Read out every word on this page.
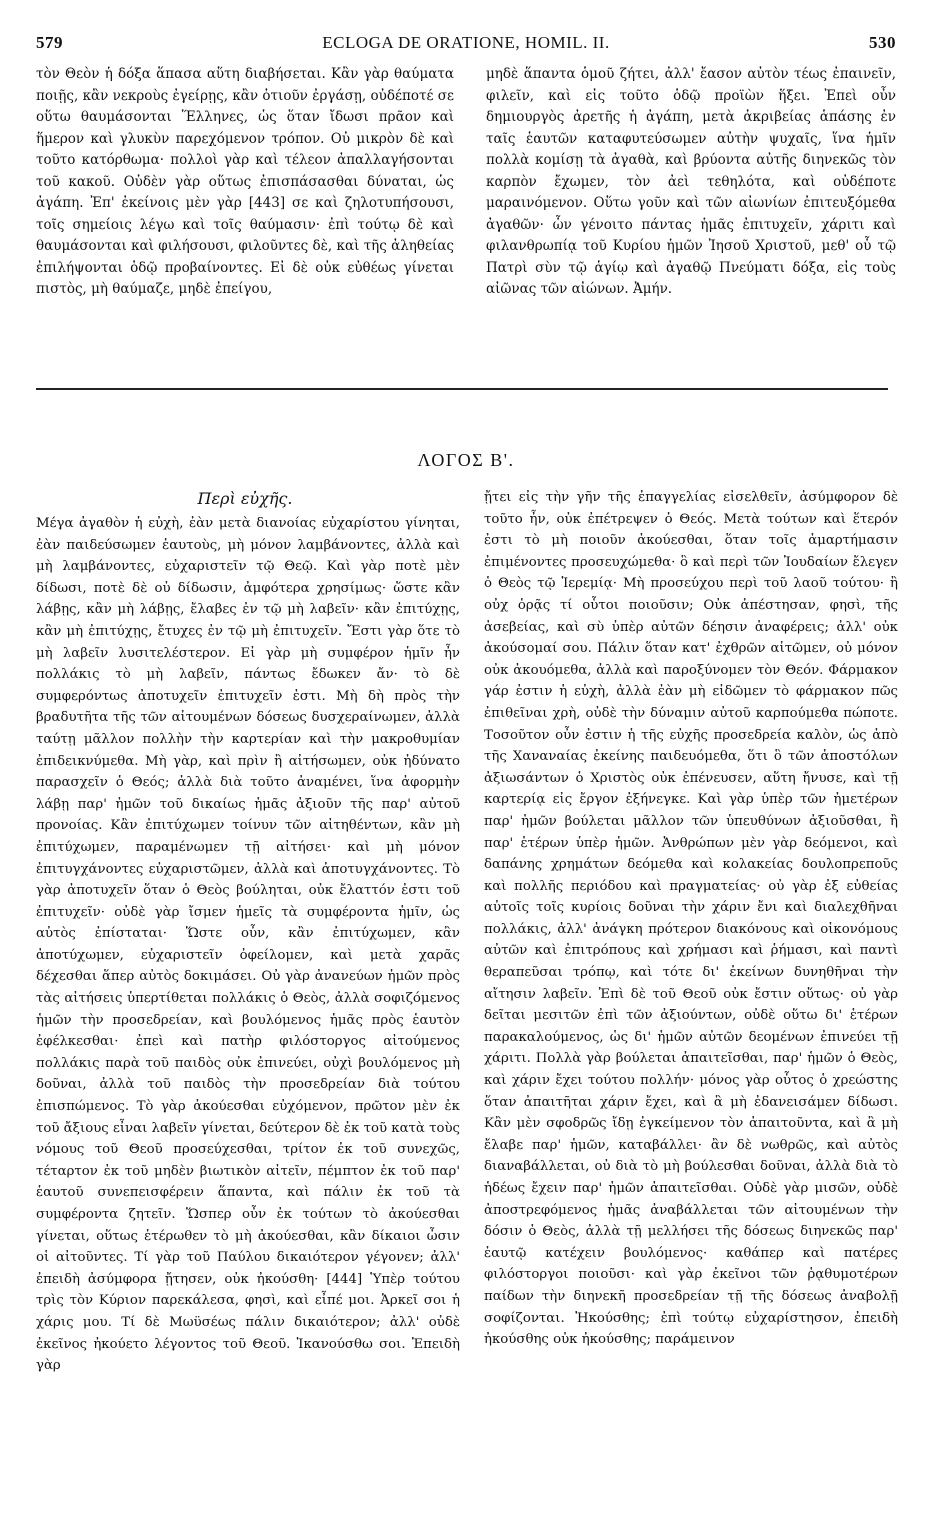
579	ECLOGA DE ORATIONE, HOMIL. II.	530

τὸν Θεὸν ἡ δόξα ἅπασα αὕτη διαβήσεται. Κἂν γὰρ θαύματα ποιῇς, κἂν νεκροὺς ἐγείρῃς, κἂν ὁτιοῦν ἐργάσῃ, οὐδέποτέ σε οὕτω θαυμάσονται Ἕλληνες, ὡς ὅταν ἴδωσι πρᾶον καὶ ἥμερον καὶ γλυκὺν παρεχόμενον τρόπον. Οὐ μικρὸν δὲ καὶ τοῦτο κατόρθωμα· πολλοὶ γὰρ καὶ τέλεον ἀπαλλαγήσονται τοῦ κακοῦ. Οὐδὲν γὰρ οὕτως ἐπισπάσασθαι δύναται, ὡς ἀγάπη. Ἐπ' ἐκείνοις μὲν γὰρ [443] σε καὶ ζηλοτυπήσουσι, τοῖς σημείοις λέγω καὶ τοῖς θαύμασιν· ἐπὶ τούτῳ δὲ καὶ θαυμάσονται καὶ φιλήσουσι, φιλοῦντες δὲ, καὶ τῆς ἀληθείας ἐπιλήψονται ὁδῷ προβαίνοντες. Εἰ δὲ οὐκ εὐθέως γίνεται πιστὸς, μὴ θαύμαζε, μηδὲ ἐπείγου,

μηδὲ ἅπαντα ὁμοῦ ζήτει, ἀλλ' ἔασον αὐτὸν τέως ἐπαινεῖν, φιλεῖν, καὶ εἰς τοῦτο ὁδῷ προϊὼν ἥξει. Ἐπεὶ οὖν δημιουργὸς ἀρετῆς ἡ ἀγάπη, μετὰ ἀκριβείας ἁπάσης ἐν ταῖς ἑαυτῶν καταφυτεύσωμεν αὐτὴν ψυχαῖς, ἵνα ἡμῖν πολλὰ κομίσῃ τὰ ἀγαθὰ, καὶ βρύοντα αὐτῆς διηνεκῶς τὸν καρπὸν ἔχωμεν, τὸν ἀεὶ τεθηλότα, καὶ οὐδέποτε μαραινόμενον. Οὕτω γοῦν καὶ τῶν αἰωνίων ἐπιτευξόμεθα ἀγαθῶν· ὧν γένοιτο πάντας ἡμᾶς ἐπιτυχεῖν, χάριτι καὶ φιλανθρωπίᾳ τοῦ Κυρίου ἡμῶν Ἰησοῦ Χριστοῦ, μεθ' οὗ τῷ Πατρὶ σὺν τῷ ἁγίῳ καὶ ἀγαθῷ Πνεύματι δόξα, εἰς τοὺς αἰῶνας τῶν αἰώνων. Ἀμήν.

ΛΟΓΟΣ Β'.
Περὶ εὐχῆς.

Μέγα ἀγαθὸν ἡ εὐχὴ, ἐὰν μετὰ διανοίας εὐχαρίστου γίνηται, ἐὰν παιδεύσωμεν ἑαυτοὺς, μὴ μόνον λαμβάνοντες, ἀλλὰ καὶ μὴ λαμβάνοντες, εὐχαριστεῖν τῷ Θεῷ. Καὶ γὰρ ποτὲ μὲν δίδωσι, ποτὲ δὲ οὐ δίδωσιν, ἀμφότερα χρησίμως· ὥστε κἂν λάβῃς, κἂν μὴ λάβῃς, ἔλαβες ἐν τῷ μὴ λαβεῖν· κἂν ἐπιτύχῃς, κἂν μὴ ἐπιτύχῃς, ἔτυχες ἐν τῷ μὴ ἐπιτυχεῖν. Ἔστι γὰρ ὅτε τὸ μὴ λαβεῖν λυσιτελέστερον. Εἰ γὰρ μὴ συμφέρον ἡμῖν ἦν πολλάκις τὸ μὴ λαβεῖν, πάντως ἔδωκεν ἄν· τὸ δὲ συμφερόντως ἀποτυχεῖν ἐπιτυχεῖν ἐστι. Μὴ δὴ πρὸς τὴν βραδυτῆτα τῆς τῶν αἰτουμένων δόσεως δυσχεραίνωμεν, ἀλλὰ ταύτῃ μᾶλλον πολλὴν τὴν καρτερίαν καὶ τὴν μακροθυμίαν ἐπιδεικνύμεθα. Μὴ γὰρ, καὶ πρὶν ἢ αἰτήσωμεν, οὐκ ἠδύνατο παρασχεῖν ὁ Θεός; ἀλλὰ διὰ τοῦτο ἀναμένει, ἵνα ἀφορμὴν λάβῃ παρ' ἡμῶν τοῦ δικαίως ἡμᾶς ἀξιοῦν τῆς παρ' αὐτοῦ προνοίας. Κἂν ἐπιτύχωμεν τοίνυν τῶν αἰτηθέντων, κἂν μὴ ἐπιτύχωμεν, παραμένωμεν τῇ αἰτήσει· καὶ μὴ μόνον ἐπιτυγχάνοντες εὐχαριστῶμεν, ἀλλὰ καὶ ἀποτυγχάνοντες. Τὸ γὰρ ἀποτυχεῖν ὅταν ὁ Θεὸς βούληται, οὐκ ἔλαττόν ἐστι τοῦ ἐπιτυχεῖν· οὐδὲ γὰρ ἴσμεν ἡμεῖς τὰ συμφέροντα ἡμῖν, ὡς αὐτὸς ἐπίσταται· Ὥστε οὖν, κἂν ἐπιτύχωμεν, κἂν ἀποτύχωμεν, εὐχαριστεῖν ὀφείλομεν, καὶ μετὰ χαρᾶς δέχεσθαι ἅπερ αὐτὸς δοκιμάσει. Οὐ γὰρ ἀνανεύων ἡμῶν πρὸς τὰς αἰτήσεις ὑπερτίθεται πολλάκις ὁ Θεὸς, ἀλλὰ σοφιζόμενος ἡμῶν τὴν προσεδρείαν, καὶ βουλόμενος ἡμᾶς πρὸς ἑαυτὸν ἐφέλκεσθαι· ἐπεὶ καὶ πατὴρ φιλόστοργος αἰτούμενος πολλάκις παρὰ τοῦ παιδὸς οὐκ ἐπινεύει, οὐχὶ βουλόμενος μὴ δοῦναι, ἀλλὰ τοῦ παιδὸς τὴν προσεδρείαν διὰ τούτου ἐπισπώμενος. Τὸ γὰρ ἀκούεσθαι εὐχόμενον, πρῶτον μὲν ἐκ τοῦ ἄξιους εἶναι λαβεῖν γίνεται, δεύτερον δὲ ἐκ τοῦ κατὰ τοὺς νόμους τοῦ Θεοῦ προσεύχεσθαι, τρίτον ἐκ τοῦ συνεχῶς, τέταρτον ἐκ τοῦ μηδὲν βιωτικὸν αἰτεῖν, πέμπτον ἐκ τοῦ παρ' ἑαυτοῦ συνεπεισφέρειν ἅπαντα, καὶ πάλιν ἐκ τοῦ τὰ συμφέροντα ζητεῖν. Ὥσπερ οὖν ἐκ τούτων τὸ ἀκούεσθαι γίνεται, οὕτως ἑτέρωθεν τὸ μὴ ἀκούεσθαι, κἂν δίκαιοι ὦσιν οἱ αἰτοῦντες. Τί γὰρ τοῦ Παύλου δικαιότερον γέγονεν; ἀλλ' ἐπειδὴ ἀσύμφορα ᾔτησεν, οὐκ ἠκούσθη· [444] Ὑπὲρ τούτου τρὶς τὸν Κύριον παρεκάλεσα, φησὶ, καὶ εἶπέ μοι. Ἀρκεῖ σοι ἡ χάρις μου. Τί δὲ Μωϋσέως πάλιν δικαιότερον; ἀλλ' οὐδὲ ἐκεῖνος ἠκούετο λέγοντος τοῦ Θεοῦ. Ἱκανούσθω σοι. Ἐπειδὴ γὰρ

ᾔτει εἰς τὴν γῆν τῆς ἐπαγγελίας εἰσελθεῖν, ἀσύμφορον δὲ τοῦτο ἦν, οὐκ ἐπέτρεψεν ὁ Θεός. Μετὰ τούτων καὶ ἕτερόν ἐστι τὸ μὴ ποιοῦν ἀκούεσθαι, ὅταν τοῖς ἁμαρτήμασιν ἐπιμένοντες προσευχώμεθα· ὃ καὶ περὶ τῶν Ἰουδαίων ἔλεγεν ὁ Θεὸς τῷ Ἱερεμίᾳ· Μὴ προσεύχου περὶ τοῦ λαοῦ τούτου· ἢ οὐχ ὁρᾷς τί οὗτοι ποιοῦσιν; Οὐκ ἀπέστησαν, φησὶ, τῆς ἀσεβείας, καὶ σὺ ὑπὲρ αὐτῶν δέησιν ἀναφέρεις; ἀλλ' οὐκ ἀκούσομαί σου. Πάλιν ὅταν κατ' ἐχθρῶν αἰτῶμεν, οὐ μόνον οὐκ ἀκουόμεθα, ἀλλὰ καὶ παροξύνομεν τὸν Θεόν. Φάρμακον γάρ ἐστιν ἡ εὐχὴ, ἀλλὰ ἐὰν μὴ εἰδῶμεν τὸ φάρμακον πῶς ἐπιθεῖναι χρὴ, οὐδὲ τὴν δύναμιν αὐτοῦ καρπούμεθα πώποτε. Τοσοῦτον οὖν ἐστιν ἡ τῆς εὐχῆς προσεδρεία καλὸν, ὡς ἀπὸ τῆς Χαναναίας ἐκείνης παιδευόμεθα, ὅτι ὃ τῶν ἀποστόλων ἀξιωσάντων ὁ Χριστὸς οὐκ ἐπένευσεν, αὕτη ἤνυσε, καὶ τῇ καρτερίᾳ εἰς ἔργον ἐξήνεγκε. Καὶ γὰρ ὑπὲρ τῶν ἡμετέρων παρ' ἡμῶν βούλεται μᾶλλον τῶν ὑπευθύνων ἀξιοῦσθαι, ἢ παρ' ἑτέρων ὑπὲρ ἡμῶν. Ἀνθρώπων μὲν γὰρ δεόμενοι, καὶ δαπάνης χρημάτων δεόμεθα καὶ κολακείας δουλοπρεποῦς καὶ πολλῆς περιόδου καὶ πραγματείας· οὐ γὰρ ἐξ εὐθείας αὐτοῖς τοῖς κυρίοις δοῦναι τὴν χάριν ἔνι καὶ διαλεχθῆναι πολλάκις, ἀλλ' ἀνάγκη πρότερον διακόνους καὶ οἰκονόμους αὐτῶν καὶ ἐπιτρόπους καὶ χρήμασι καὶ ῥήμασι, καὶ παντὶ θεραπεῦσαι τρόπῳ, καὶ τότε δι' ἐκείνων δυνηθῆναι τὴν αἴτησιν λαβεῖν. Ἐπὶ δὲ τοῦ Θεοῦ οὐκ ἔστιν οὕτως· οὐ γὰρ δεῖται μεσιτῶν ἐπὶ τῶν ἀξιούντων, οὐδὲ οὕτω δι' ἑτέρων παρακαλούμενος, ὡς δι' ἡμῶν αὐτῶν δεομένων ἐπινεύει τῇ χάριτι. Πολλὰ γὰρ βούλεται ἀπαιτεῖσθαι, παρ' ἡμῶν ὁ Θεὸς, καὶ χάριν ἔχει τούτου πολλήν· μόνος γὰρ οὗτος ὁ χρεώστης ὅταν ἀπαιτῆται χάριν ἔχει, καὶ ἃ μὴ ἐδανεισάμεν δίδωσι. Κἂν μὲν σφοδρῶς ἴδῃ ἐγκείμενον τὸν ἀπαιτοῦντα, καὶ ἃ μὴ ἔλαβε παρ' ἡμῶν, καταβάλλει· ἂν δὲ νωθρῶς, καὶ αὐτὸς διαναβάλλεται, οὐ διὰ τὸ μὴ βούλεσθαι δοῦναι, ἀλλὰ διὰ τὸ ἡδέως ἔχειν παρ' ἡμῶν ἀπαιτεῖσθαι. Οὐδὲ γὰρ μισῶν, οὐδὲ ἀποστρεφόμενος ἡμᾶς ἀναβάλλεται τῶν αἰτουμένων τὴν δόσιν ὁ Θεὸς, ἀλλὰ τῇ μελλήσει τῆς δόσεως διηνεκῶς παρ' ἑαυτῷ κατέχειν βουλόμενος· καθάπερ καὶ πατέρες φιλόστοργοι ποιοῦσι· καὶ γὰρ ἐκεῖνοι τῶν ῥᾳθυμοτέρων παίδων τὴν διηνεκῆ προσεδρείαν τῇ τῆς δόσεως ἀναβολῇ σοφίζονται. Ἠκούσθης; ἐπὶ τούτῳ εὐχαρίστησον, ἐπειδὴ ἠκούσθης οὐκ ἠκούσθης; παράμεινον
